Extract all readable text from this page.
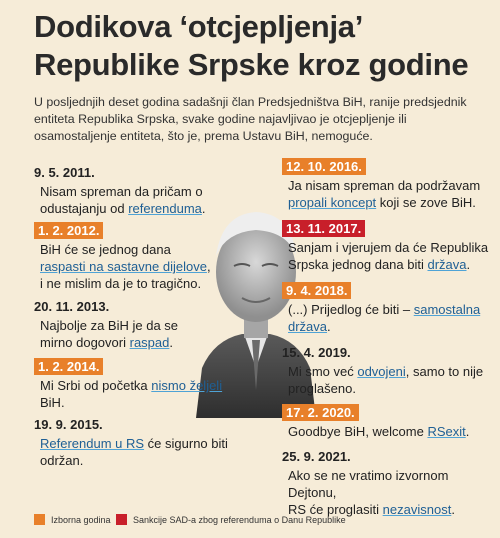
Dodikova ‘otcjepljenja’
Republike Srpske kroz godine
U posljednjih deset godina sadašnji član Predsjedništva BiH, ranije predsjednik entiteta Republika Srpska, svake godine najavljivao je otcjepljenje ili osamostaljenje entiteta, što je, prema Ustavu BiH, nemoguće.
9. 5. 2011.
Nisam spreman da pričam o
odustajanju od referenduma.
1. 2. 2012.
BiH će se jednog dana
raspasti na sastavne dijelove,
i ne mislim da je to tragično.
20. 11. 2013.
Najbolje za BiH je da se
mirno dogovori raspad.
1. 2. 2014.
Mi Srbi od početka nismo željeli
BiH.
19. 9. 2015.
Referendum u RS će sigurno biti
održan.
12. 10. 2016.
Ja nisam spreman da podržavam
propali koncept koji se zove BiH.
13. 11. 2017.
Sanjam i vjerujem da će Republika
Srpska jednog dana biti država.
9. 4. 2018.
(...) Prijedlog će biti – samostalna
država.
15. 4. 2019.
Mi smo već odvojeni, samo to nije
proglašeno.
17. 2. 2020.
Goodbye BiH, welcome RSexit.
25. 9. 2021.
Ako se ne vratimo izvornom Dejtonu,
RS će proglasiti nezavisnost.
Izborna godina	Sankcije SAD-a zbog referenduma o Danu Republike
